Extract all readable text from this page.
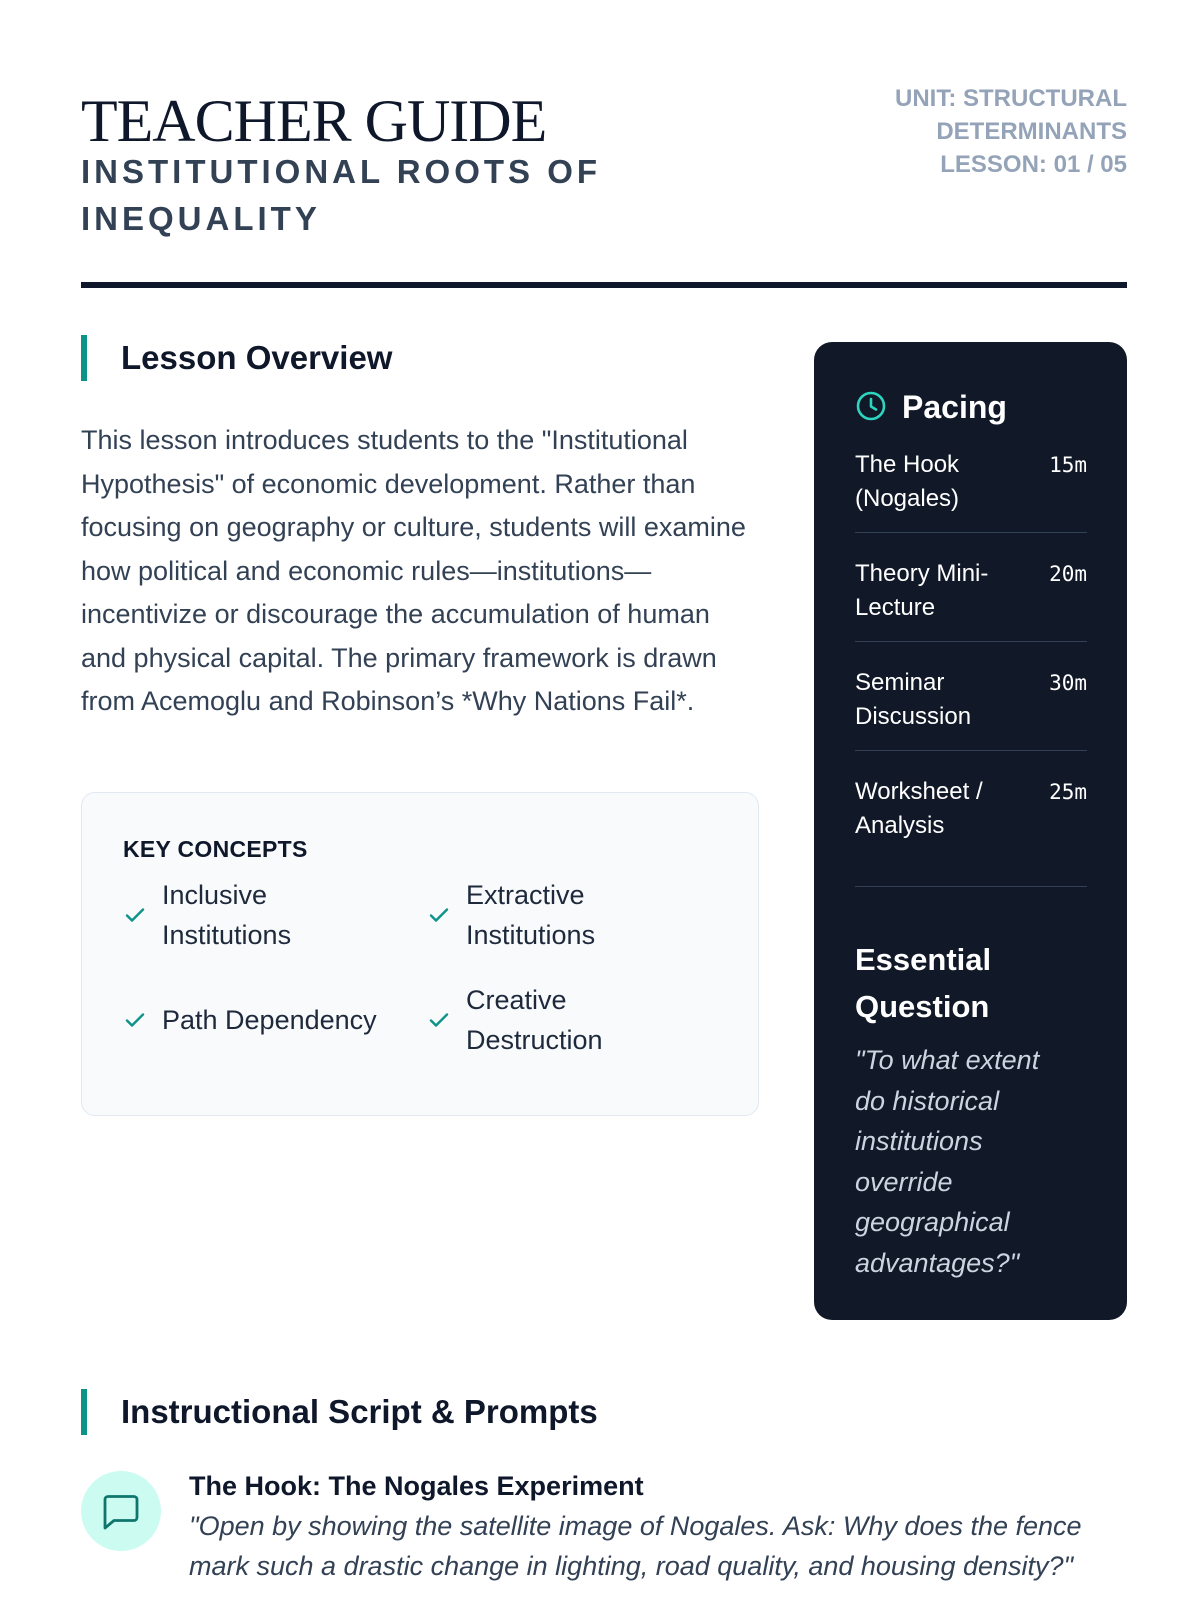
TEACHER GUIDE
INSTITUTIONAL ROOTS OF INEQUALITY
UNIT: STRUCTURAL DETERMINANTS
LESSON: 01 / 05
Lesson Overview

This lesson introduces students to the "Institutional Hypothesis" of economic development. Rather than focusing on geography or culture, students will examine how political and economic rules—institutions—incentivize or discourage the accumulation of human and physical capital. The primary framework is drawn from Acemoglu and Robinson’s *Why Nations Fail*.

KEY CONCEPTS
Inclusive Institutions
Extractive Institutions
Path Dependency
Creative Destruction
Pacing
The Hook (Nogales)
15m
Theory Mini-Lecture
20m
Seminar Discussion
30m
Worksheet / Analysis
25m
Essential Question
"To what extent do historical institutions override geographical advantages?"
Instructional Script & Prompts
The Hook: The Nogales Experiment
"Open by showing the satellite image of Nogales. Ask: Why does the fence mark such a drastic change in lighting, road quality, and housing density?"
